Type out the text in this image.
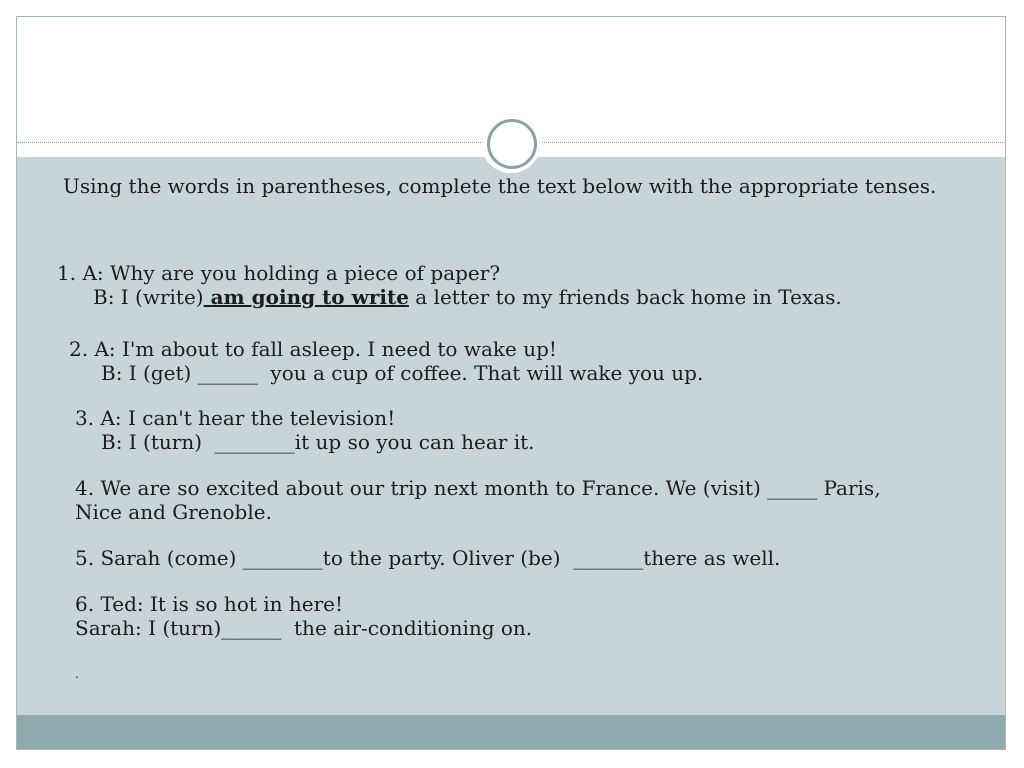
Using the words in parentheses, complete the text below with the appropriate tenses.
1. A: Why are you holding a piece of paper?
B: I (write) am going to write a letter to my friends back home in Texas.
2. A: I'm about to fall asleep. I need to wake up!
B: I (get) ______  you a cup of coffee. That will wake you up.
3. A: I can't hear the television!
B: I (turn)  ________it up so you can hear it.
4. We are so excited about our trip next month to France. We (visit) _____ Paris,
Nice and Grenoble.
5. Sarah (come) ________to the party. Oliver (be)  _______there as well.
6. Ted: It is so hot in here!
Sarah: I (turn)______  the air-conditioning on.
.
